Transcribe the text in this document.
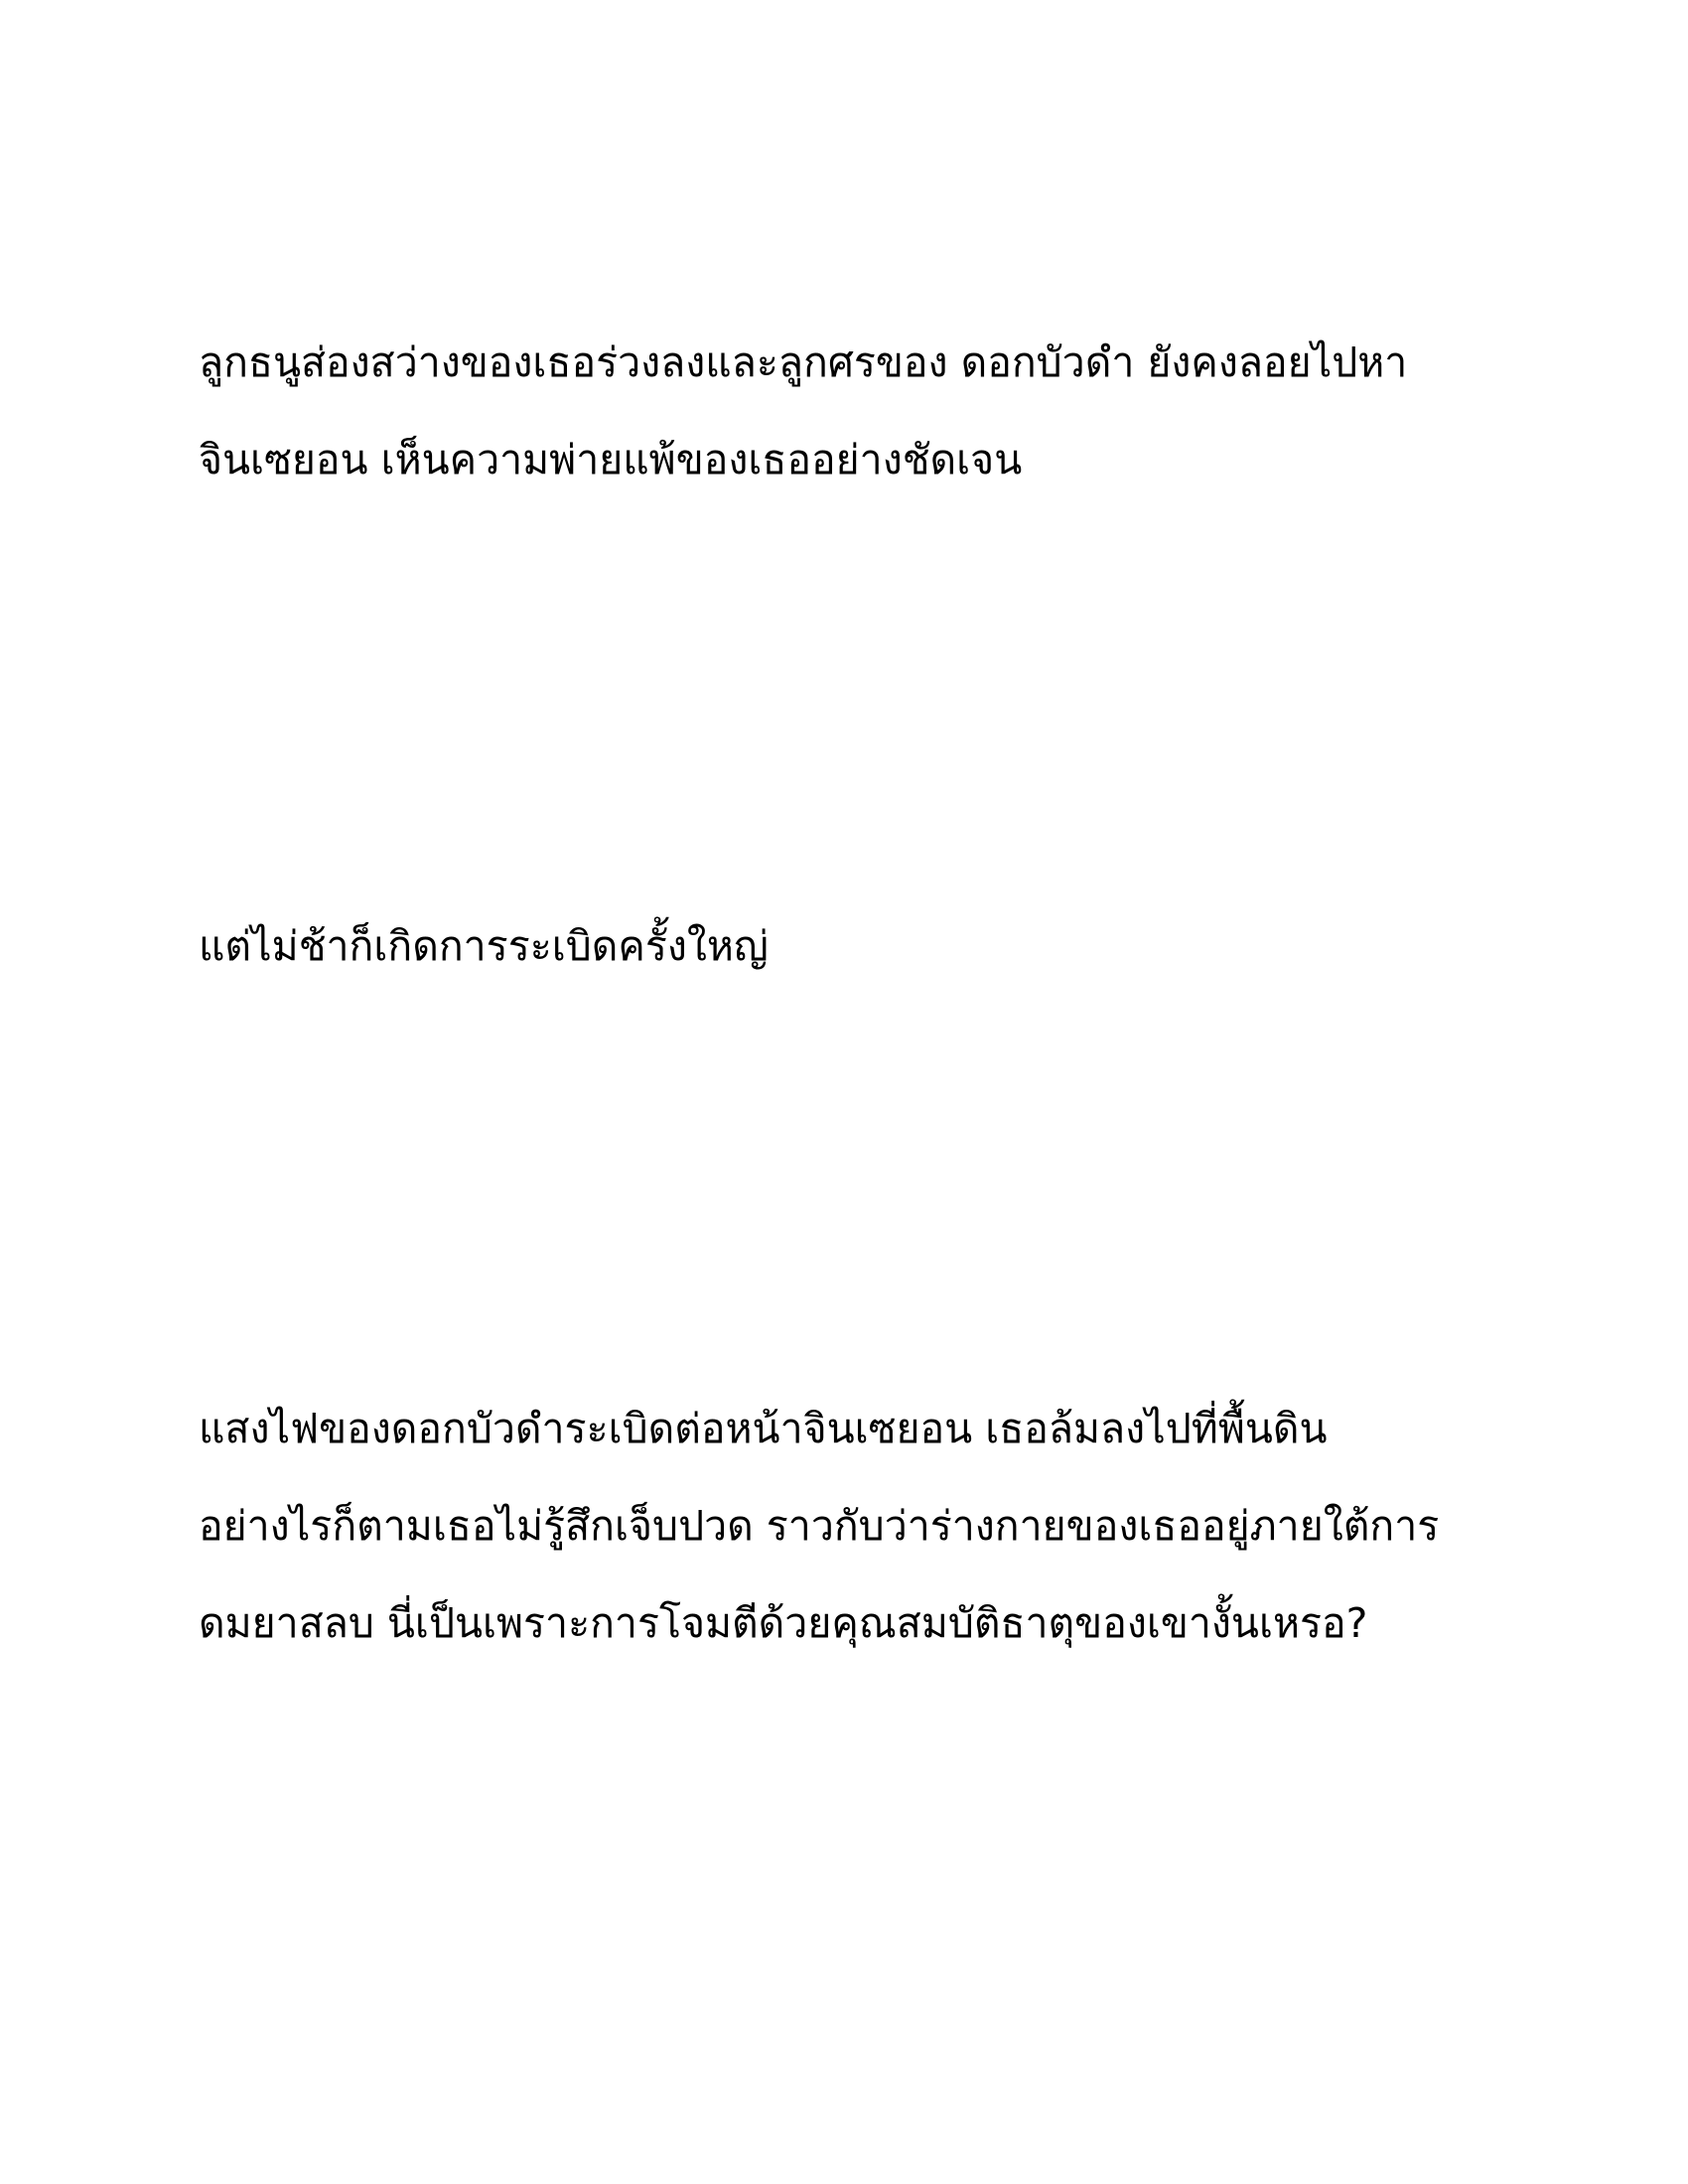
ลูกธนูส่องสว่างของเธอร่วงลงและลูกศรของ ดอกบัวดำ ยังคงลอยไปหา
จินเซยอน เห็นความพ่ายแพ้ของเธออย่างชัดเจน
แต่ไม่ช้าก็เกิดการระเบิดครั้งใหญ่
แสงไฟของดอกบัวดำระเบิดต่อหน้าจินเซยอน เธอล้มลงไปที่พื้นดิน
อย่างไรก็ตามเธอไม่รู้สึกเจ็บปวด ราวกับว่าร่างกายของเธออยู่ภายใต้การ
ดมยาสลบ นี่เป็นเพราะการโจมตีด้วยคุณสมบัติธาตุของเขางั้นเหรอ?
